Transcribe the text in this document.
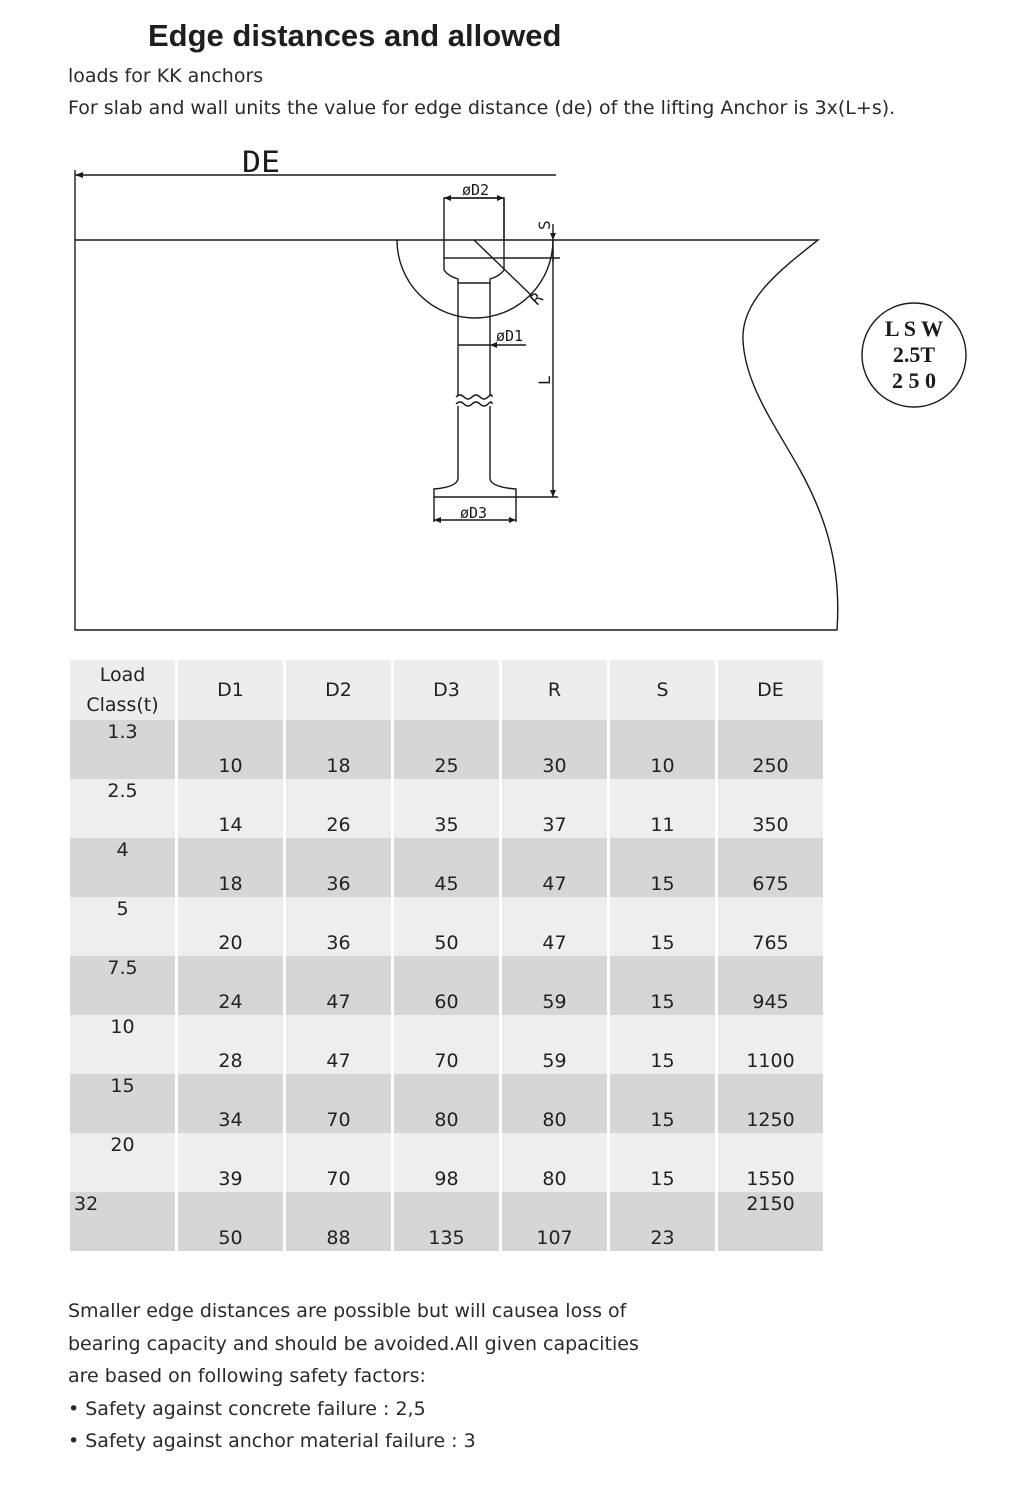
Edge distances and allowed
loads for KK anchors
For slab and wall units the value for edge distance (de) of the lifting Anchor is 3x(L+s).
DE
øD2
øD1
øD3
S
R
L
L S W
2.5T
2 5 0
Load
Class(t)	D1	D2	D3	R	S	DE
1.3	10	18	25	30	10	250
2.5	14	26	35	37	11	350
4	18	36	45	47	15	675
5	20	36	50	47	15	765
7.5	24	47	60	59	15	945
10	28	47	70	59	15	1100
15	34	70	80	80	15	1250
20	39	70	98	80	15	1550
32	50	88	135	107	23	2150

Smaller edge distances are possible but will causea loss of

bearing capacity and should be avoided.All given capacities

are based on following safety factors:

• Safety against concrete failure : 2,5

• Safety against anchor material failure : 3
